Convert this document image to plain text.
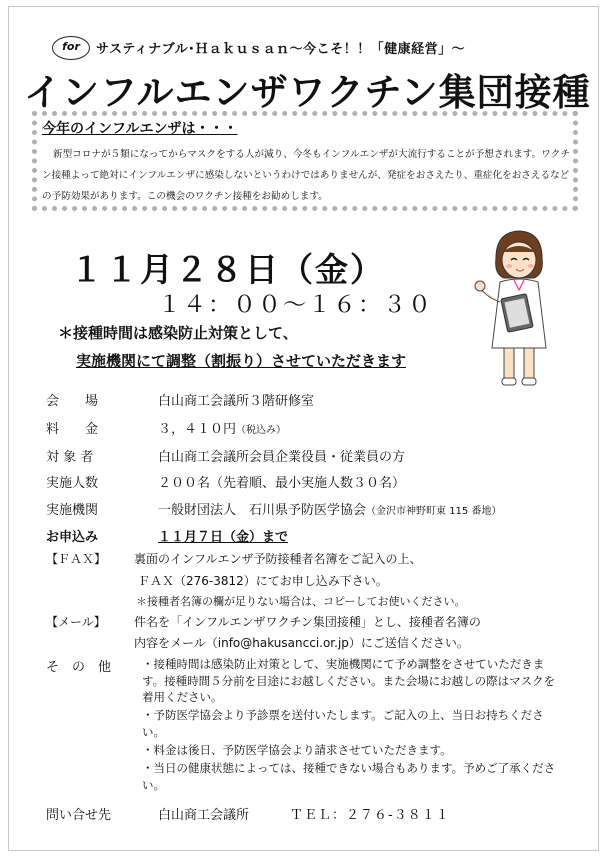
for	サスティナブル･Ｈａｋｕｓａｎ～今こそ！！「健康経営」～
インフルエンザワクチン集団接種
今年のインフルエンザは・・・
新型コロナが５類になってからマスクをする人が減り、今冬もインフルエンザが大流行することが予想されます。ワクチン接種よって絶対にインフルエンザに感染しないというわけではありませんが、発症をおさえたり、重症化をおさえるなどの予防効果があります。この機会のワクチン接種をお勧めします。
１１月２８日（金）
１４：００～１６：３０
＊接種時間は感染防止対策として、
実施機関にて調整（割振り）させていただきます
会　　場	白山商工会議所３階研修室
料　　金	３，４１０円（税込み）
対 象 者	白山商工会議所会員企業役員・従業員の方
実施人数	２００名（先着順、最小実施人数３０名）
実施機関	一般財団法人　石川県予防医学協会（金沢市神野町東 115 番地）
お申込み	１１月７日（金）まで
【ＦＡＸ】 裏面のインフルエンザ予防接種者名簿をご記入の上、
ＦＡＸ（276-3812）にてお申し込み下さい。
＊接種者名簿の欄が足りない場合は、コピーしてお使いください。
【メール】 件名を「インフルエンザワクチン集団接種」とし、接種者名簿の
内容をメール（info@hakusancci.or.jp）にご送信ください。
そ　の　他	・接種時間は感染防止対策として、実施機関にて予め調整をさせていただきます。接種時間５分前を目途にお越しください。また会場にお越しの際はマスクを着用ください。
・予防医学協会より予診票を送付いたします。ご記入の上、当日お持ちください。
・料金は後日、予防医学協会より請求させていただきます。
・当日の健康状態によっては、接種できない場合もあります。予めご了承ください。
問い合せ先	白山商工会議所	ＴＥＬ：２７６-３８１１
